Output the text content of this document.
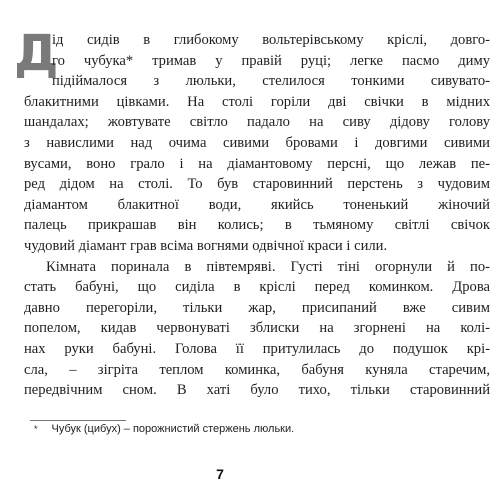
Д
ід сидів в глибокому вольтерівському кріслі, довго-
го чубука* тримав у правій руці; легке пасмо диму
підіймалося з люльки, стелилося тонкими сивувато-
блакитними цівками. На столі горіли дві свічки в мідних
шандалах; жовтувате світло падало на сиву дідову голову
з навислими над очима сивими бровами і довгими сивими
вусами, воно грало і на діамантовому персні, що лежав пе-
ред дідом на столі. То був старовинний перстень з чудовим
діамантом блакитної води, якийсь тоненький жіночий
палець прикрашав він колись; в тьмяному світлі свічок
чудовий діамант грав всіма вогнями одвічної краси і сили.
Кімната поринала в півтемряві. Густі тіні огорнули й по-
стать бабуні, що сиділа в кріслі перед коминком. Дрова
давно перегоріли, тільки жар, присипаний вже сивим
попелом, кидав червонуваті зблиски на згорнені на колі-
нах руки бабуні. Голова її притулилась до подушок крі-
сла, – зігріта теплом коминка, бабуня куняла старечим,
передвічним сном. В хаті було тихо, тільки старовинний
* Чубук (цибух) – порожнистий стержень люльки.
7
